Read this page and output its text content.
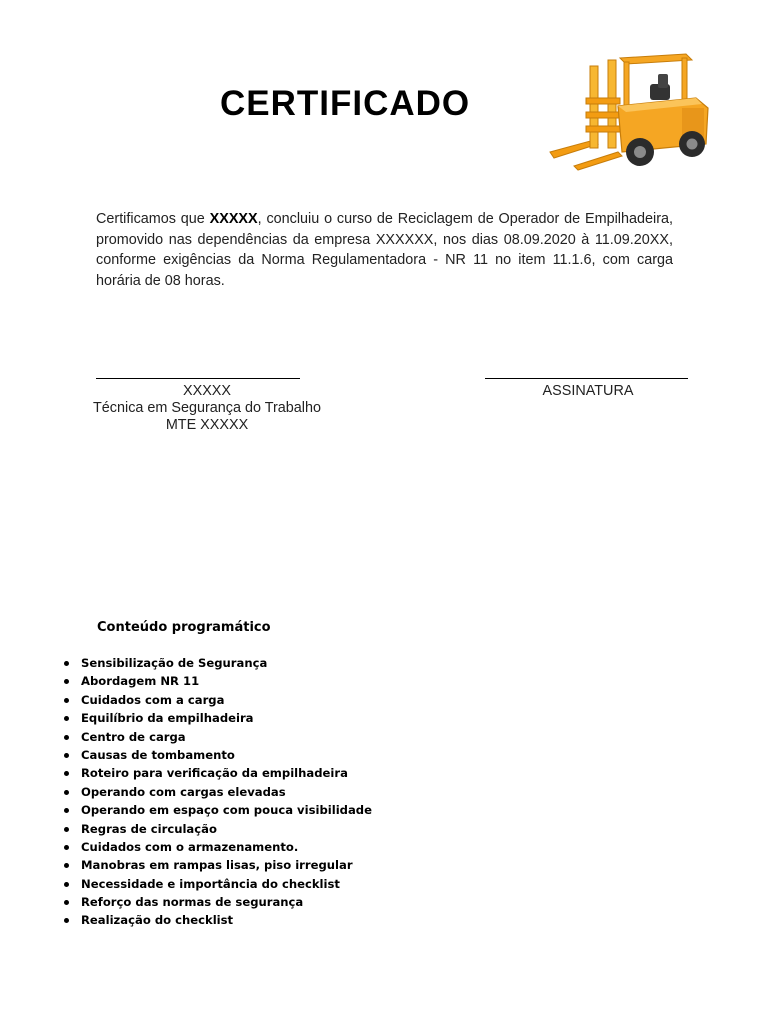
CERTIFICADO
Certificamos que XXXXX, concluiu o curso de Reciclagem de Operador de Empilhadeira, promovido nas dependências da empresa XXXXXX, nos dias 08.09.2020 à 11.09.20XX, conforme exigências da Norma Regulamentadora - NR 11 no item 11.1.6, com carga horária de 08 horas.
XXXXX
Técnica em Segurança do Trabalho
MTE XXXXX
ASSINATURA
Conteúdo programático
Sensibilização de Segurança
Abordagem NR 11
Cuidados com a carga
Equilíbrio da empilhadeira
Centro de carga
Causas de tombamento
Roteiro para verificação da empilhadeira
Operando com cargas elevadas
Operando em espaço com pouca visibilidade
Regras de circulação
Cuidados com o armazenamento.
Manobras em rampas lisas, piso irregular
Necessidade e importância do checklist
Reforço das normas de segurança
Realização do checklist
